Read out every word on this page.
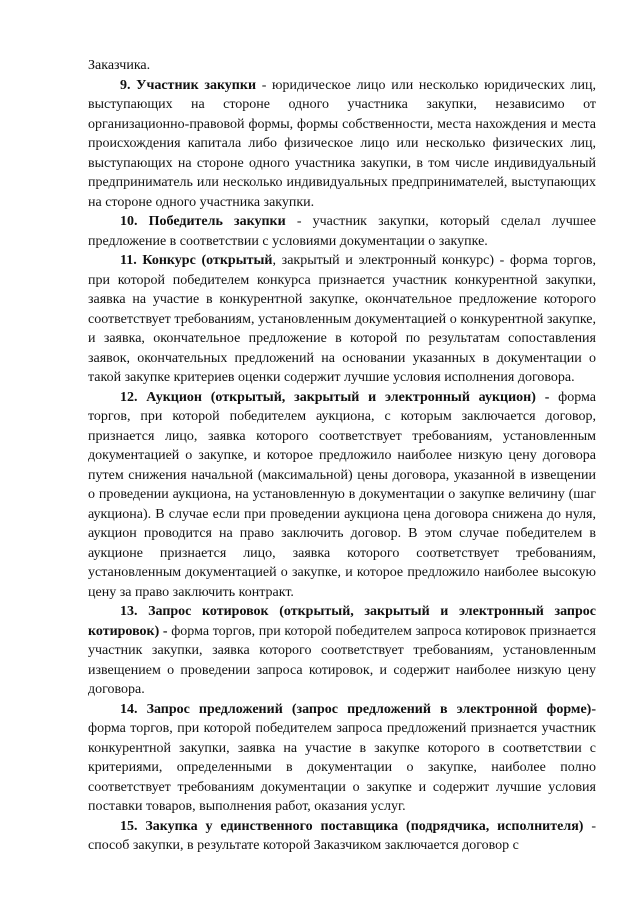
Заказчика.

9. Участник закупки - юридическое лицо или несколько юридических лиц, выступающих на стороне одного участника закупки, независимо от организационно-правовой формы, формы собственности, места нахождения и места происхождения капитала либо физическое лицо или несколько физических лиц, выступающих на стороне одного участника закупки, в том числе индивидуальный предприниматель или несколько индивидуальных предпринимателей, выступающих на стороне одного участника закупки.

10. Победитель закупки - участник закупки, который сделал лучшее предложение в соответствии с условиями документации о закупке.

11. Конкурс (открытый, закрытый и электронный конкурс) - форма торгов, при которой победителем конкурса признается участник конкурентной закупки, заявка на участие в конкурентной закупке, окончательное предложение которого соответствует требованиям, установленным документацией о конкурентной закупке, и заявка, окончательное предложение в которой по результатам сопоставления заявок, окончательных предложений на основании указанных в документации о такой закупке критериев оценки содержит лучшие условия исполнения договора.

12. Аукцион (открытый, закрытый и электронный аукцион) - форма торгов, при которой победителем аукциона, с которым заключается договор, признается лицо, заявка которого соответствует требованиям, установленным документацией о закупке, и которое предложило наиболее низкую цену договора путем снижения начальной (максимальной) цены договора, указанной в извещении о проведении аукциона, на установленную в документации о закупке величину (шаг аукциона). В случае если при проведении аукциона цена договора снижена до нуля, аукцион проводится на право заключить договор. В этом случае победителем в аукционе признается лицо, заявка которого соответствует требованиям, установленным документацией о закупке, и которое предложило наиболее высокую цену за право заключить контракт.

13. Запрос котировок (открытый, закрытый и электронный запрос котировок) - форма торгов, при которой победителем запроса котировок признается участник закупки, заявка которого соответствует требованиям, установленным извещением о проведении запроса котировок, и содержит наиболее низкую цену договора.

14. Запрос предложений (запрос предложений в электронной форме)- форма торгов, при которой победителем запроса предложений признается участник конкурентной закупки, заявка на участие в закупке которого в соответствии с критериями, определенными в документации о закупке, наиболее полно соответствует требованиям документации о закупке и содержит лучшие условия поставки товаров, выполнения работ, оказания услуг.

15. Закупка у единственного поставщика (подрядчика, исполнителя) - способ закупки, в результате которой Заказчиком заключается договор с
